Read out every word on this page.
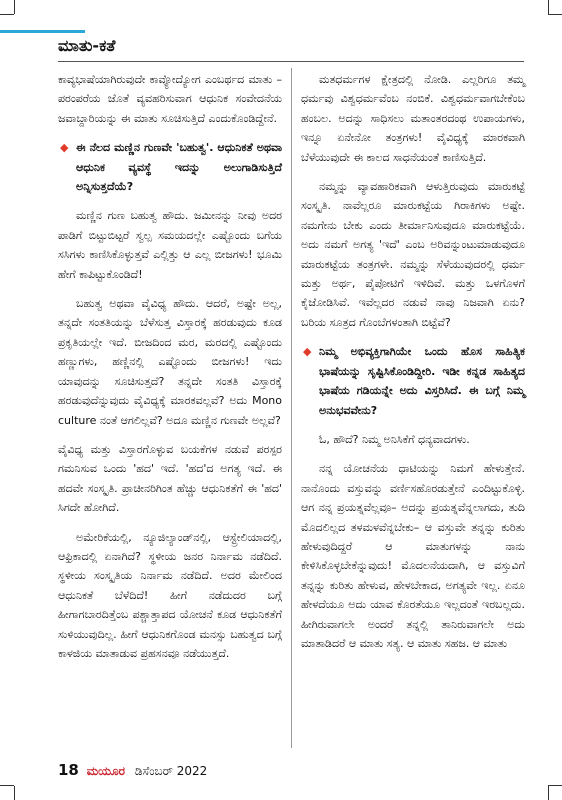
ಮಾತು-ಕತೆ

ಕಾವ್ಯಭಾಷೆಯಾಗಿರುವುದೇ ಕಾವ್ಯೋದ್ಯೋಗ ಎಂಬರ್ಥದ ಮಾತು – ಪರಂಪರೆಯ ಜೊತೆ ವ್ಯವಹರಿಸುವಾಗ ಆಧುನಿಕ ಸಂವೇದನೆಯ ಜವಾಬ್ದಾರಿಯನ್ನು ಈ ಮಾತು ಸೂಚಿಸುತ್ತಿದೆ ಎಂದುಕೊಂಡಿದ್ದೇನೆ.

◆ ಈ ನೆಲದ ಮಣ್ಣಿನ ಗುಣವೇ 'ಬಹುತ್ವ'. ಆಧುನಿಕತೆ ಅಥವಾ ಆಧುನಿಕ ವ್ಯವಸ್ಥೆ ಇದನ್ನು ಅಲುಗಾಡಿಸುತ್ತಿದೆ ಅನ್ನಿಸುತ್ತದೆಯೆ?

ಮಣ್ಣಿನ ಗುಣ ಬಹುತ್ವ ಹೌದು. ಜಮೀನನ್ನು ನೀವು ಅದರ ಪಾಡಿಗೆ ಬಿಟ್ಟುಬಿಟ್ಟರೆ ಸ್ವಲ್ಪ ಸಮಯದಲ್ಲೇ ಎಷ್ಟೊಂದು ಬಗೆಯ ಸಸಿಗಳು ಕಾಣಿಸಿಕೊಳ್ಳುತ್ತವೆ ಎಲ್ಲಿತ್ತು ಆ ಎಲ್ಲ ಬೀಜಗಳು! ಭೂಮಿ ಹೇಗೆ ಕಾಪಿಟ್ಟುಕೊಂಡಿದೆ!

ಬಹುತ್ವ ಅಥವಾ ವೈವಿಧ್ಯ ಹೌದು. ಆದರೆ, ಅಷ್ಟೇ ಅಲ್ಲ, ತನ್ನದೇ ಸಂತತಿಯನ್ನು ಬೆಳೆಸುತ್ತ ವಿಸ್ತಾರಕ್ಕೆ ಹರಡುವುದು ಕೂಡ ಪ್ರಕೃತಿಯಲ್ಲೇ ಇದೆ. ಬೀಜದಿಂದ ಮರ, ಮರದಲ್ಲಿ ಎಷ್ಟೊಂದು ಹಣ್ಣುಗಳು, ಹಣ್ಣಿನಲ್ಲಿ ಎಷ್ಟೊಂದು ಬೀಜಗಳು! ಇದು ಯಾವುದನ್ನು ಸೂಚಿಸುತ್ತದೆ? ತನ್ನದೇ ಸಂತತಿ ವಿಸ್ತಾರಕ್ಕೆ ಹರಡುವುದೆನ್ನುವುದು ವೈವಿಧ್ಯಕ್ಕೆ ಮಾರಕವಲ್ಲವೆ? ಅದು Mono culture ನಂತೆ ಆಗಲಿಲ್ಲವೆ? ಅದೂ ಮಣ್ಣಿನ ಗುಣವೇ ಅಲ್ಲವೆ?

ವೈವಿಧ್ಯ ಮತ್ತು ವಿಸ್ತಾರಗೊಳ್ಳುವ ಬಯಕೆಗಳ ನಡುವೆ ಪರಸ್ಪರ ಗಮನಿಸುವ ಒಂದು 'ಹದ' ಇದೆ. 'ಹದ'ದ ಅಗತ್ಯ ಇದೆ. ಈ ಹದವೇ ಸಂಸ್ಕೃತಿ. ಪ್ರಾಚೀನರಿಗಿಂತ ಹೆಚ್ಚು ಆಧುನಿಕತೆಗೆ ಈ 'ಹದ' ಸಿಗದೇ ಹೋಗಿದೆ.

ಅಮೇರಿಕೆಯಲ್ಲಿ, ನ್ಯೂಜಿಲ್ಯಾಂಡ್‌ನಲ್ಲಿ, ಆಸ್ಟ್ರೇಲಿಯಾದಲ್ಲಿ, ಆಫ್ರಿಕಾದಲ್ಲಿ ಏನಾಗಿದೆ? ಸ್ಥಳೀಯ ಜನರ ನಿರ್ನಾಮ ನಡೆದಿದೆ. ಸ್ಥಳೀಯ ಸಂಸ್ಕೃತಿಯ ನಿರ್ನಾಮ ನಡೆದಿದೆ. ಅದರ ಮೇಲಿಂದ ಆಧುನಿಕತೆ ಬೆಳೆದಿದೆ! ಹೀಗೆ ನಡೆದುದರ ಬಗ್ಗೆ ಹೀಗಾಗಬಾರದಿತ್ತೆಂಬ ಪಶ್ಚಾತ್ತಾಪದ ಯೋಚನೆ ಕೂಡ ಆಧುನಿಕತೆಗೆ ಸುಳಿಯುವುದಿಲ್ಲ. ಹೀಗೆ ಆಧುನಿಕಗೊಂಡ ಮನಸ್ಸು ಬಹುತ್ವದ ಬಗ್ಗೆ ಕಾಳಜಿಯ ಮಾತಾಡುವ ಪ್ರಹಸನವೂ ನಡೆಯುತ್ತದೆ.

ಮತಧರ್ಮಗಳ ಕ್ಷೇತ್ರದಲ್ಲಿ ನೋಡಿ. ಎಲ್ಲರಿಗೂ ತಮ್ಮ ಧರ್ಮವು ವಿಶ್ವಧರ್ಮವೆಂಬ ನಂಬಿಕೆ. ವಿಶ್ವಧರ್ಮವಾಗಬೇಕೆಂಬ ಹಂಬಲ. ಅದನ್ನು ಸಾಧಿಸಲು ಮತಾಂತರದಂಥ ಉಪಾಯಗಳು, ಇನ್ನೂ ಏನೇನೋ ತಂತ್ರಗಳು! ವೈವಿಧ್ಯಕ್ಕೆ ಮಾರಕವಾಗಿ ಬೆಳೆಯುವುದೇ ಈ ಕಾಲದ ಸಾಧನೆಯಂತೆ ಕಾಣಿಸುತ್ತಿದೆ.

ನಮ್ಮನ್ನು ವ್ಯಾವಹಾರಿಕವಾಗಿ ಆಳುತ್ತಿರುವುದು ಮಾರುಕಟ್ಟೆ ಸಂಸ್ಕೃತಿ. ನಾವೆಲ್ಲರೂ ಮಾರುಕಟ್ಟೆಯ ಗಿರಾಕಿಗಳು ಅಷ್ಟೇ. ನಮಗೇನು ಬೇಕು ಎಂದು ತೀರ್ಮಾನಿಸುವುದೂ ಮಾರುಕಟ್ಟೆಯೆ. ಅದು ನಮಗೆ ಅಗತ್ಯ 'ಇದೆ' ಎಂಬ ಅರಿವನ್ನುಂಟುಮಾಡುವುದೂ ಮಾರುಕಟ್ಟೆಯ ತಂತ್ರಗಳೇ. ನಮ್ಮನ್ನು ಸೆಳೆಯುವುದರಲ್ಲಿ ಧರ್ಮ ಮತ್ತು ಅರ್ಥ, ಪೈಪೋಟಿಗೆ ಇಳಿದಿವೆ. ಮತ್ತು ಒಳಗೊಳಗೆ ಕೈಜೋಡಿಸಿವೆ. ಇವೆಲ್ಲದರ ನಡುವೆ ನಾವು ನಿಜವಾಗಿ ಏನು? ಬರಿಯ ಸೂತ್ರದ ಗೊಂಬೆಗಳಂತಾಗಿ ಬಿಟ್ಟೆವೆ?

◆ ನಿಮ್ಮ ಅಭಿವ್ಯಕ್ತಿಗಾಗಿಯೇ ಒಂದು ಹೊಸ ಸಾಹಿತ್ಯಿಕ ಭಾಷೆಯನ್ನು ಸೃಷ್ಟಿಸಿಕೊಂಡಿದ್ದೀರಿ. ಇಡೀ ಕನ್ನಡ ಸಾಹಿತ್ಯದ ಭಾಷೆಯ ಗಡಿಯನ್ನೇ ಅದು ವಿಸ್ತರಿಸಿದೆ. ಈ ಬಗ್ಗೆ ನಿಮ್ಮ ಅನುಭವವೇನು?

ಓ, ಹೌದೆ? ನಿಮ್ಮ ಅನಿಸಿಕೆಗೆ ಧನ್ಯವಾದಗಳು.

ನನ್ನ ಯೋಚನೆಯ ಧಾಟಿಯನ್ನು ನಿಮಗೆ ಹೇಳುತ್ತೇನೆ. ನಾನೊಂದು ವಸ್ತುವನ್ನು ವರ್ಣಿಸಹೊರಡುತ್ತೇನೆ ಎಂದಿಟ್ಟುಕೊಳ್ಳಿ. ಆಗ ನನ್ನ ಪ್ರಯತ್ನವೆಲ್ಲವೂ– ಅದನ್ನು ಪ್ರಯತ್ನವೆನ್ನಲಾಗದು, ತುದಿ ಮೊದಲಿಲ್ಲದ ತಳಮಳವೆನ್ನಬೇಕು– ಆ ವಸ್ತುವೇ ತನ್ನನ್ನು ಕುರಿತು ಹೇಳುವುದಿದ್ದರೆ ಆ ಮಾತುಗಳನ್ನು ನಾನು ಕೇಳಿಸಿಕೊಳ್ಳಬೇಕೆನ್ನುವುದು! ಮೊದಲನೆಯದಾಗಿ, ಆ ವಸ್ತುವಿಗೆ ತನ್ನನ್ನು ಕುರಿತು ಹೇಳುವ, ಹೇಳಬೇಕಾದ, ಅಗತ್ಯವೇ ಇಲ್ಲ. ಏನೂ ಹೇಳದೆಯೂ ಅದು ಯಾವ ಕೊರತೆಯೂ ಇಲ್ಲದಂತೆ ಇರಬಲ್ಲದು. ಹೀಗಿರುವಾಗಲೇ ಅಂದರೆ ತನ್ನಲ್ಲಿ ತಾನಿರುವಾಗಲೇ ಅದು ಮಾತಾಡಿದರೆ ಆ ಮಾತು ಸತ್ಯ. ಆ ಮಾತು ಸಹಜ. ಆ ಮಾತು

18 ಮಯೂರ ಡಿಸೆಂಬರ್ 2022
